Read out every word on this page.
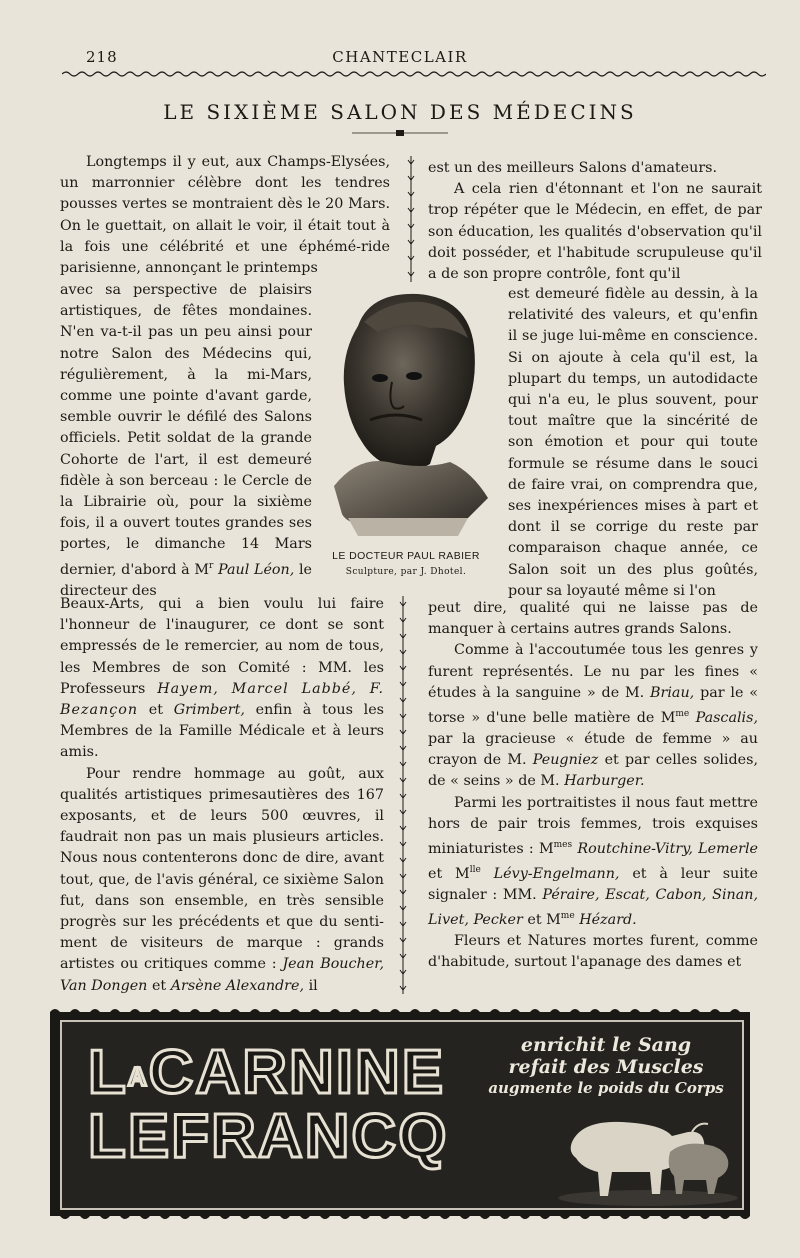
218	CHANTECLAIR
LE SIXIÈME SALON DES MÉDECINS

Longtemps il y eut, aux Champs-Elysées, un marronnier célèbre dont les tendres pousses vertes se montraient dès le 20 Mars. On le guettait, on allait le voir, il était tout à la fois une célébrité et une éphémé-ride parisienne, annonçant le printemps

avec sa perspective de plaisirs artistiques, de fêtes mondaines. N'en va-t-il pas un peu ainsi pour notre Salon des Médecins qui, régulièrement, à la mi-Mars, comme une pointe d'avant garde, semble ouvrir le défilé des Salons officiels. Petit soldat de la grande Cohorte de l'art, il est demeuré fidèle à son berceau : le Cercle de la Librairie où, pour la sixième fois, il a ouvert toutes grandes ses portes, le dimanche 14 Mars dernier, d'abord à $M^r$ Paul Léon, le directeur des

Beaux-Arts, qui a bien voulu lui faire l'honneur de l'inaugurer, ce dont se sont empressés de le remercier, au nom de tous, les Membres de son Comité : MM. les Professeurs Hayem, Marcel Labbé, F. Bezançon et Grimbert, enfin à tous les Membres de la Famille Médicale et à leurs amis.

Pour rendre hommage au goût, aux qualités artistiques primesautières des 167 exposants, et de leurs 500 œuvres, il faudrait non pas un mais plusieurs articles. Nous nous contenterons donc de dire, avant tout, que, de l'avis général, ce sixième Salon fut, dans son ensemble, en très sensible progrès sur les précédents et que du senti-ment de visiteurs de marque : grands artistes ou critiques comme : Jean Boucher, Van Dongen et Arsène Alexandre, il

LE DOCTEUR PAUL RABIER
Sculpture, par J. Dhotel.

est un des meilleurs Salons d'amateurs.

A cela rien d'étonnant et l'on ne saurait trop répéter que le Médecin, en effet, de par son éducation, les qualités d'observation qu'il doit posséder, et l'habitude scrupuleuse qu'il a de son propre contrôle, font qu'il

est demeuré fidèle au dessin, à la relativité des valeurs, et qu'enfin il se juge lui-même en conscience. Si on ajoute à cela qu'il est, la plupart du temps, un autodidacte qui n'a eu, le plus souvent, pour tout maître que la sincérité de son émotion et pour qui toute formule se résume dans le souci de faire vrai, on comprendra que, ses inexpériences mises à part et dont il se corrige du reste par comparaison chaque année, ce Salon soit un des plus goûtés, pour sa loyauté même si l'on

peut dire, qualité qui ne laisse pas de manquer à certains autres grands Salons.

Comme à l'accoutumée tous les genres y furent représentés. Le nu par les fines « études à la sanguine » de M. Briau, par le « torse » d'une belle matière de $M^{me}$ Pascalis, par la gracieuse « étude de femme » au crayon de M. Peugniez et par celles solides, de « seins » de M. Harburger.

Parmi les portraitistes il nous faut mettre hors de pair trois femmes, trois exquises miniaturistes : $M^{mes}$ Routchine-Vitry, Lemerle et $M^{lle}$ Lévy-Engelmann, et à leur suite signaler : MM. Péraire, Escat, Cabon, Sinan, Livet, Pecker et $M^{me}$ Hézard.

Fleurs et Natures mortes furent, comme d'habitude, surtout l'apanage des dames et

LACARNINE
LEFRANCQ

enrichit le Sang

refait des Muscles

augmente le poids du Corps
